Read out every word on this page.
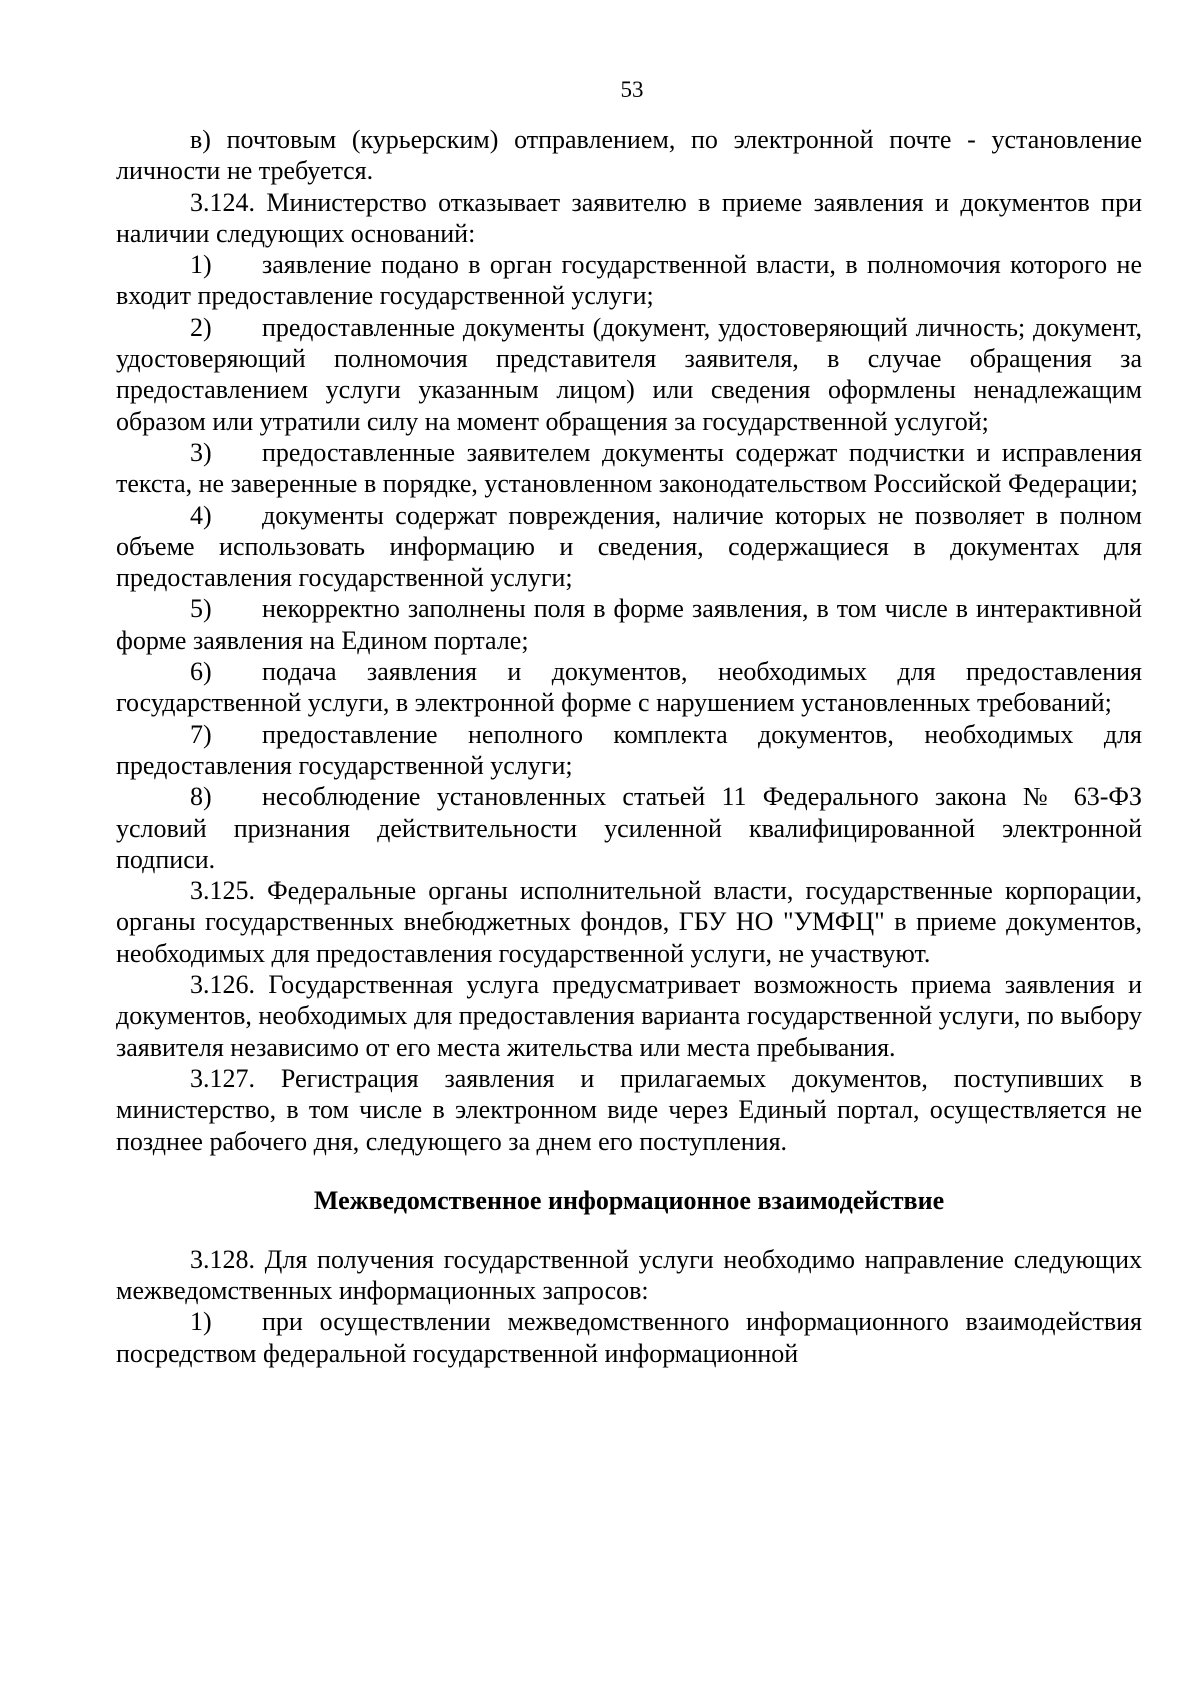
53

в) почтовым (курьерским) отправлением, по электронной почте - установление личности не требуется.

3.124. Министерство отказывает заявителю в приеме заявления и документов при наличии следующих оснований:

1) заявление подано в орган государственной власти, в полномочия которого не входит предоставление государственной услуги;

2) предоставленные документы (документ, удостоверяющий личность; документ, удостоверяющий полномочия представителя заявителя, в случае обращения за предоставлением услуги указанным лицом) или сведения оформлены ненадлежащим образом или утратили силу на момент обращения за государственной услугой;

3) предоставленные заявителем документы содержат подчистки и исправления текста, не заверенные в порядке, установленном законодательством Российской Федерации;

4) документы содержат повреждения, наличие которых не позволяет в полном объеме использовать информацию и сведения, содержащиеся в документах для предоставления государственной услуги;

5) некорректно заполнены поля в форме заявления, в том числе в интерактивной форме заявления на Едином портале;

6) подача заявления и документов, необходимых для предоставления государственной услуги, в электронной форме с нарушением установленных требований;

7) предоставление неполного комплекта документов, необходимых для предоставления государственной услуги;

8) несоблюдение установленных статьей 11 Федерального закона № 63-ФЗ условий признания действительности усиленной квалифицированной электронной подписи.

3.125. Федеральные органы исполнительной власти, государственные корпорации, органы государственных внебюджетных фондов, ГБУ НО "УМФЦ" в приеме документов, необходимых для предоставления государственной услуги, не участвуют.

3.126. Государственная услуга предусматривает возможность приема заявления и документов, необходимых для предоставления варианта государственной услуги, по выбору заявителя независимо от его места жительства или места пребывания.

3.127. Регистрация заявления и прилагаемых документов, поступивших в министерство, в том числе в электронном виде через Единый портал, осуществляется не позднее рабочего дня, следующего за днем его поступления.

Межведомственное информационное взаимодействие

3.128. Для получения государственной услуги необходимо направление следующих межведомственных информационных запросов:

1) при осуществлении межведомственного информационного взаимодействия посредством федеральной государственной информационной
